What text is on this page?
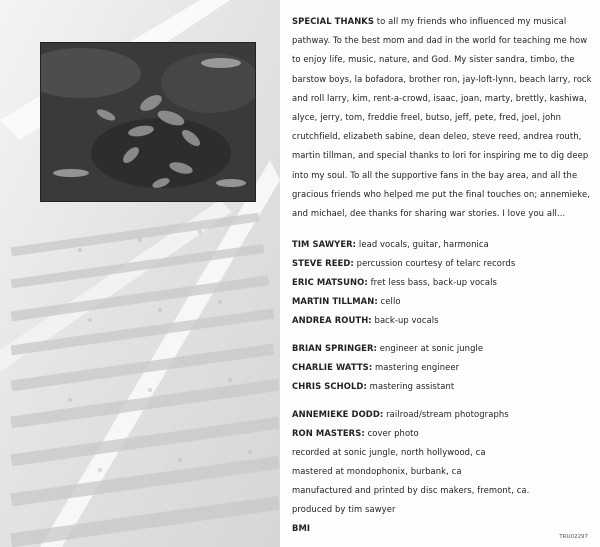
SPECIAL THANKS to all my friends who influenced my musical pathway. To the best mom and dad in the world for teaching me how to enjoy life, music, nature, and God. My sister sandra, timbo, the barstow boys, la bofadora, brother ron, jay-loft-lynn, beach larry, rock and roll larry, kim, rent-a-crowd, isaac, joan, marty, brettly, kashiwa, alyce, jerry, tom, freddie freel, butso, jeff, pete, fred, joel, john crutchfield, elizabeth sabine, dean deleo, steve reed, andrea routh, martin tillman, and special thanks to lori for inspiring me to dig deep into my soul. To all the supportive fans in the bay area, and all the gracious friends who helped me put the final touches on; annemieke, and michael, dee thanks for sharing war stories. I love you all...

TIM SAWYER: lead vocals, guitar, harmonica
STEVE REED: percussion courtesy of telarc records
ERIC MATSUNO: fret less bass, back-up vocals
MARTIN TILLMAN: cello
ANDREA ROUTH: back-up vocals
BRIAN SPRINGER: engineer at sonic jungle
CHARLIE WATTS: mastering engineer
CHRIS SCHOLD: mastering assistant
ANNEMIEKE DODD: railroad/stream photographs
RON MASTERS: cover photo
recorded at sonic jungle, north hollywood, ca
mastered at mondophonix, burbank, ca
manufactured and printed by disc makers, fremont, ca.
produced by tim sawyer
BMI
TRU02297
